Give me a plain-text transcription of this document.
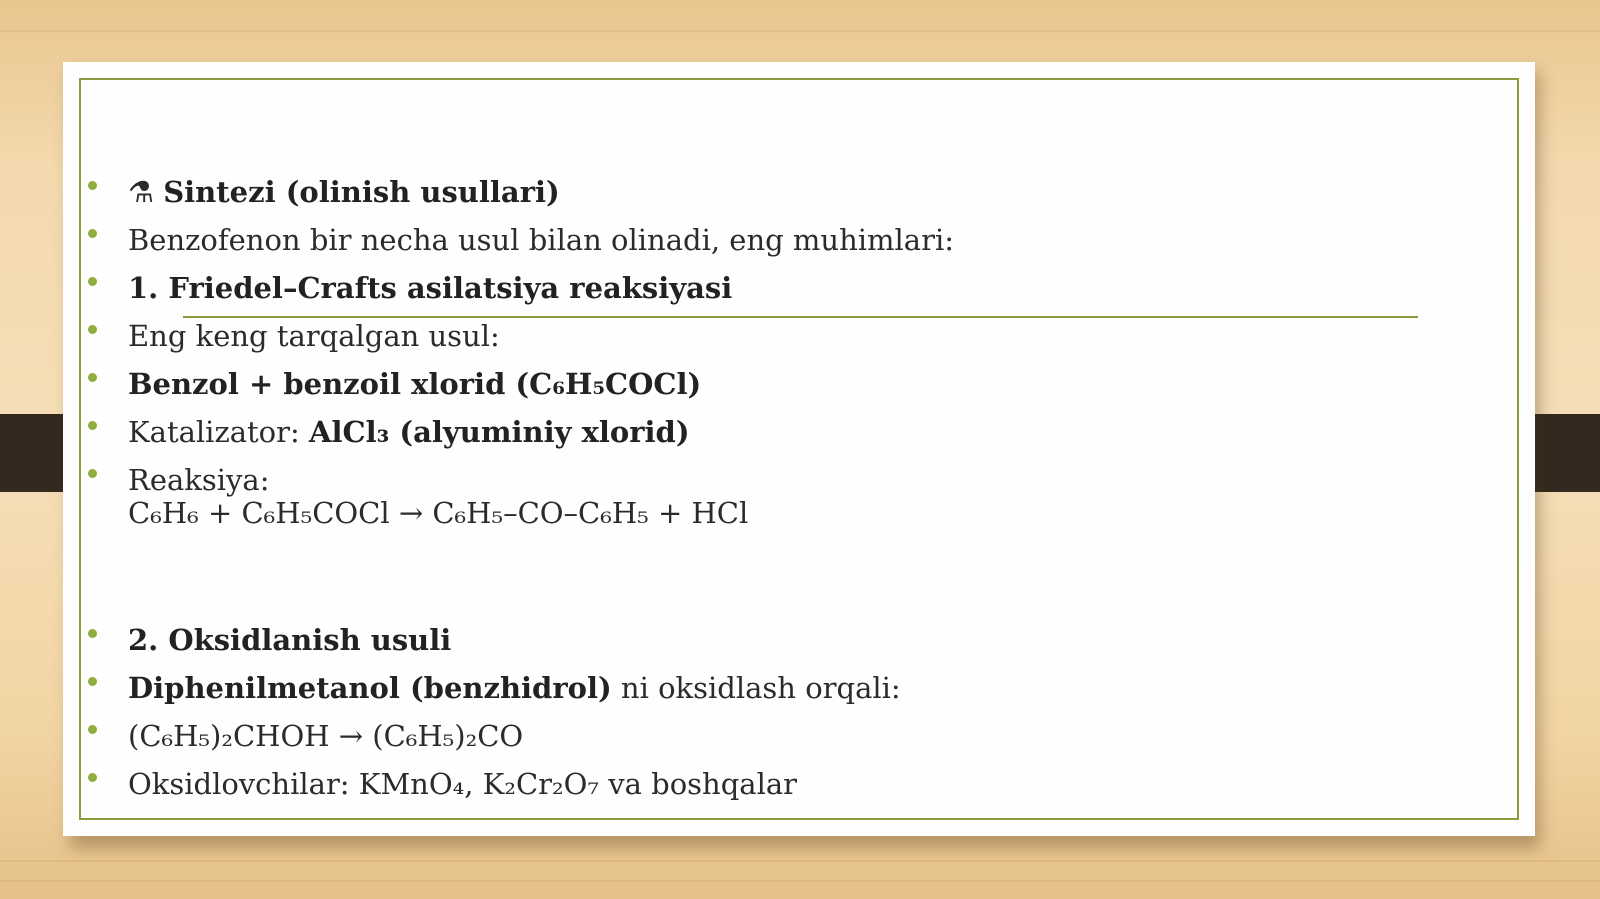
⚗ Sintezi (olinish usullari)
Benzofenon bir necha usul bilan olinadi, eng muhimlari:
1. Friedel–Crafts asilatsiya reaksiyasi
Eng keng tarqalgan usul:
Benzol + benzoil xlorid (C₆H₅COCl)
Katalizator: AlCl₃ (alyuminiy xlorid)
Reaksiya:
C₆H₆ + C₆H₅COCl → C₆H₅–CO–C₆H₅ + HCl
2. Oksidlanish usuli
Diphenilmetanol (benzhidrol) ni oksidlash orqali:
(C₆H₅)₂CHOH → (C₆H₅)₂CO
Oksidlovchilar: KMnO₄, K₂Cr₂O₇ va boshqalar
